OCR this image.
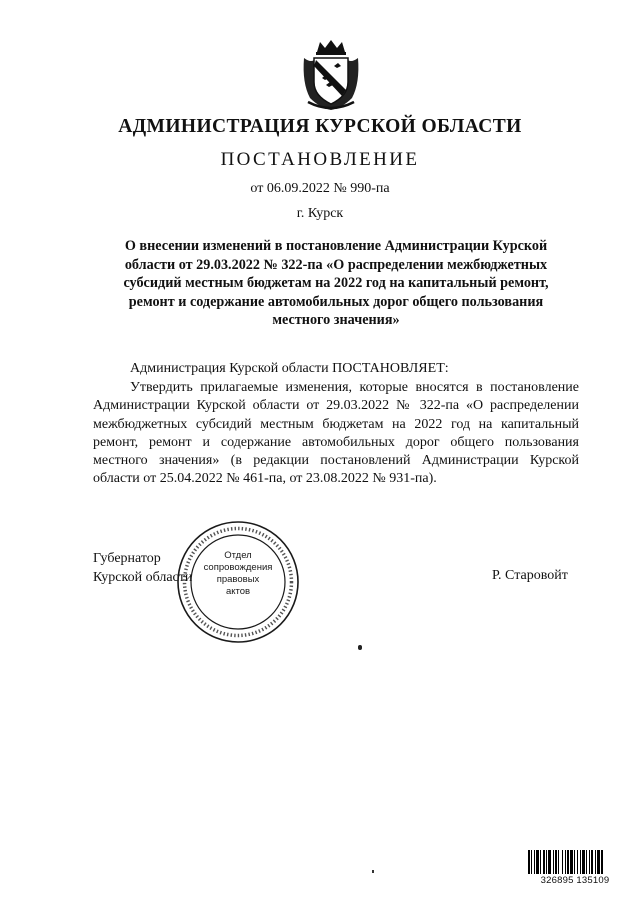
АДМИНИСТРАЦИЯ КУРСКОЙ ОБЛАСТИ
ПОСТАНОВЛЕНИЕ
от 06.09.2022 № 990-па
г. Курск
О внесении изменений в постановление Администрации Курской области от 29.03.2022 № 322-па «О распределении межбюджетных субсидий местным бюджетам на 2022 год на капитальный ремонт, ремонт и содержание автомобильных дорог общего пользования местного значения»
Администрация Курской области ПОСТАНОВЛЯЕТ:
Утвердить прилагаемые изменения, которые вносятся в постановление Администрации Курской области от 29.03.2022 № 322-па «О распределении межбюджетных субсидий местным бюджетам на 2022 год на капитальный ремонт, ремонт и содержание автомобильных дорог общего пользования местного значения» (в редакции постановлений Администрации Курской области от 25.04.2022 № 461-па, от 23.08.2022 № 931-па).
Губернатор
Курской области	Р. Старовойт
Отдел
сопровождения
правовых
актов
326895 135109
